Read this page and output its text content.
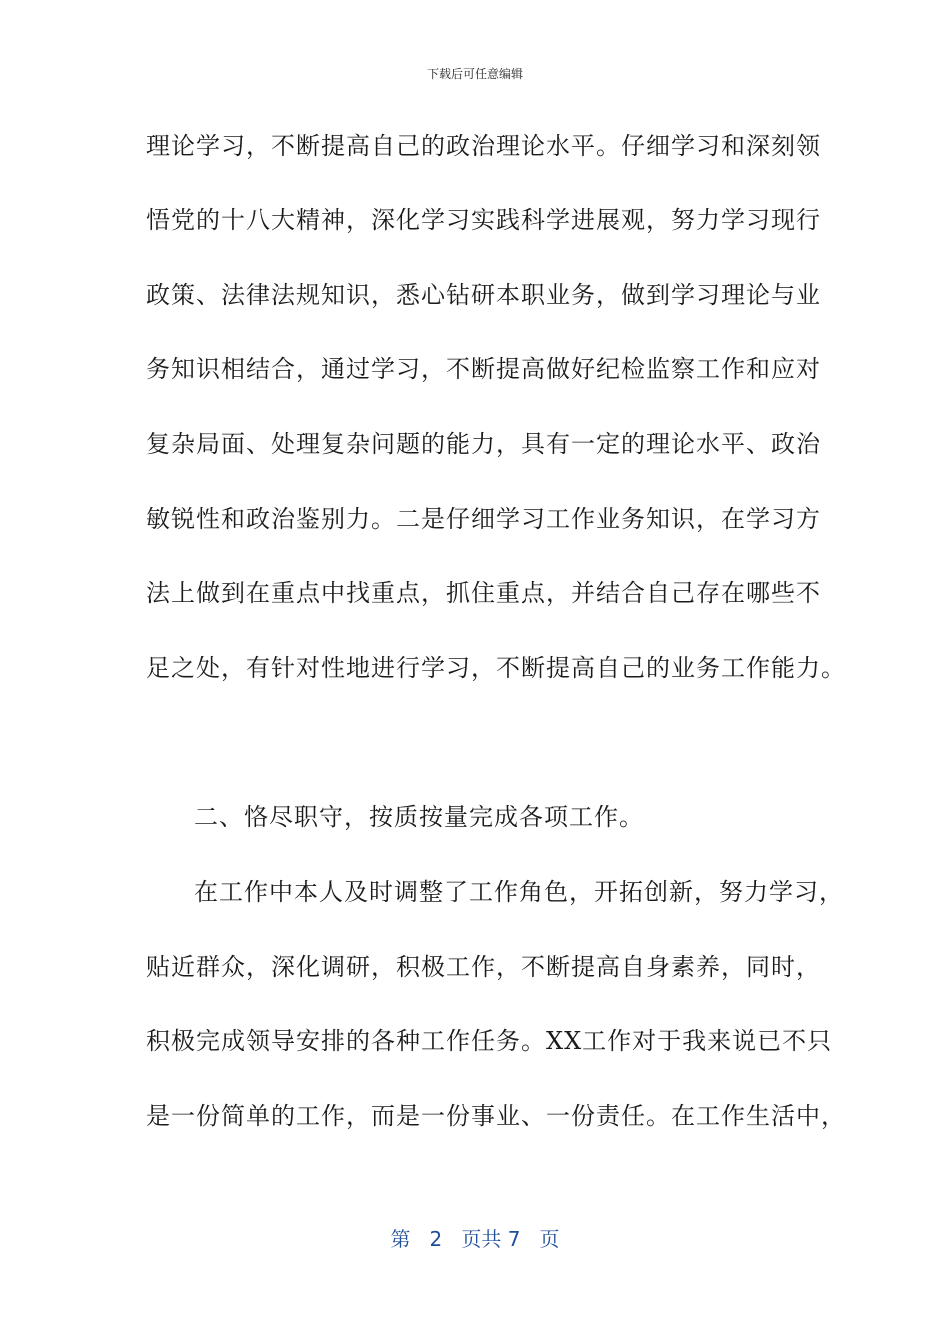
下载后可任意编辑
理论学习，不断提高自己的政治理论水平。仔细学习和深刻领
悟党的十八大精神，深化学习实践科学进展观，努力学习现行
政策、法律法规知识，悉心钻研本职业务，做到学习理论与业
务知识相结合，通过学习，不断提高做好纪检监察工作和应对
复杂局面、处理复杂问题的能力，具有一定的理论水平、政治
敏锐性和政治鉴别力。二是仔细学习工作业务知识，在学习方
法上做到在重点中找重点，抓住重点，并结合自己存在哪些不
足之处，有针对性地进行学习，不断提高自己的业务工作能力。
二、恪尽职守，按质按量完成各项工作。
在工作中本人及时调整了工作角色，开拓创新，努力学习，
贴近群众，深化调研，积极工作，不断提高自身素养，同时，
积极完成领导安排的各种工作任务。XX工作对于我来说已不只
是一份简单的工作，而是一份事业、一份责任。在工作生活中，
第 2 页共 7 页
